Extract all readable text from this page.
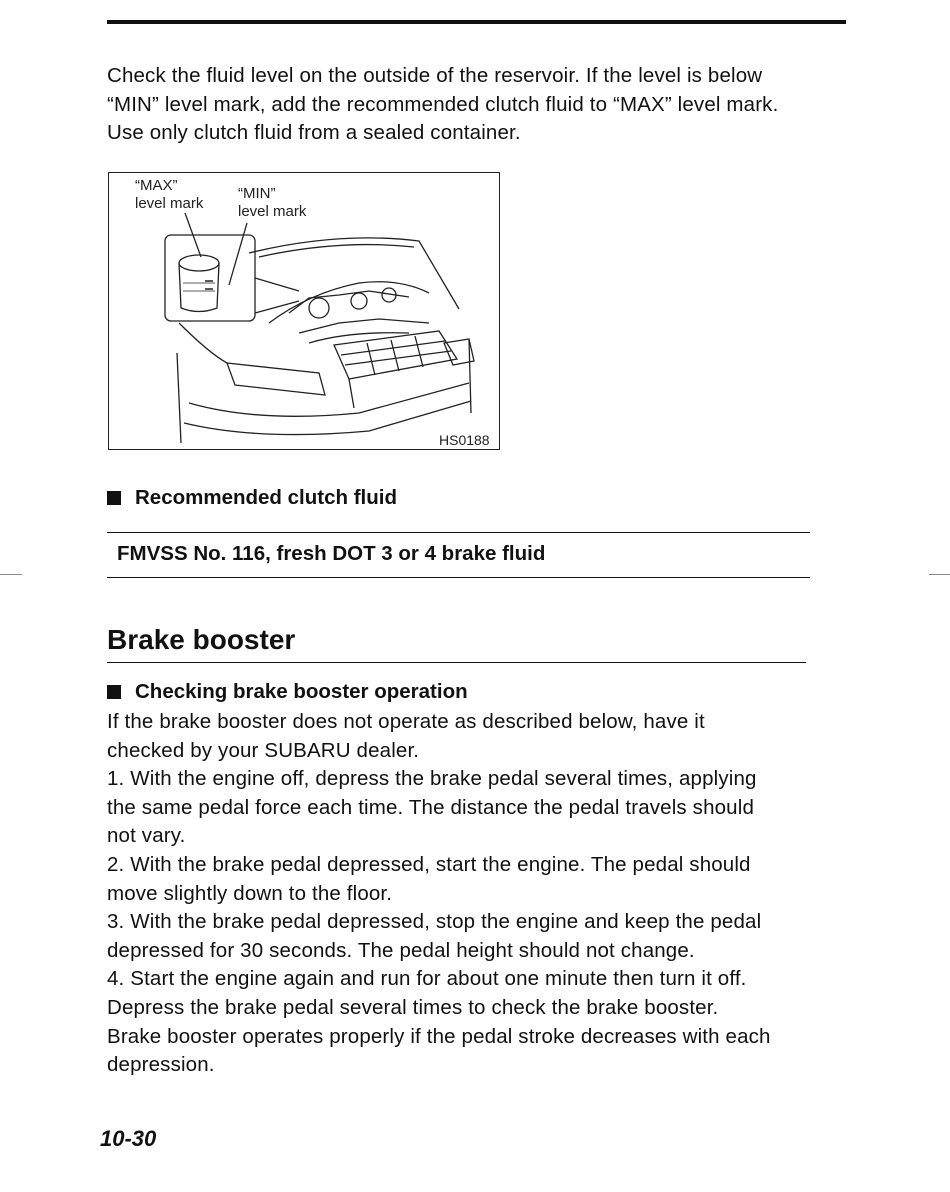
Check the fluid level on the outside of the reservoir. If the level is below
“MIN” level mark, add the recommended clutch fluid to “MAX” level mark.
Use only clutch fluid from a sealed container.
“MAX”
level mark
“MIN”
level mark
HS0188
Recommended clutch fluid
FMVSS No. 116, fresh DOT 3 or 4 brake fluid
Brake booster
Checking brake booster operation
If the brake booster does not operate as described below, have it
checked by your SUBARU dealer.
1. With the engine off, depress the brake pedal several times, applying
the same pedal force each time. The distance the pedal travels should
not vary.
2. With the brake pedal depressed, start the engine. The pedal should
move slightly down to the floor.
3. With the brake pedal depressed, stop the engine and keep the pedal
depressed for 30 seconds. The pedal height should not change.
4. Start the engine again and run for about one minute then turn it off.
Depress the brake pedal several times to check the brake booster.
Brake booster operates properly if the pedal stroke decreases with each
depression.
10-30
